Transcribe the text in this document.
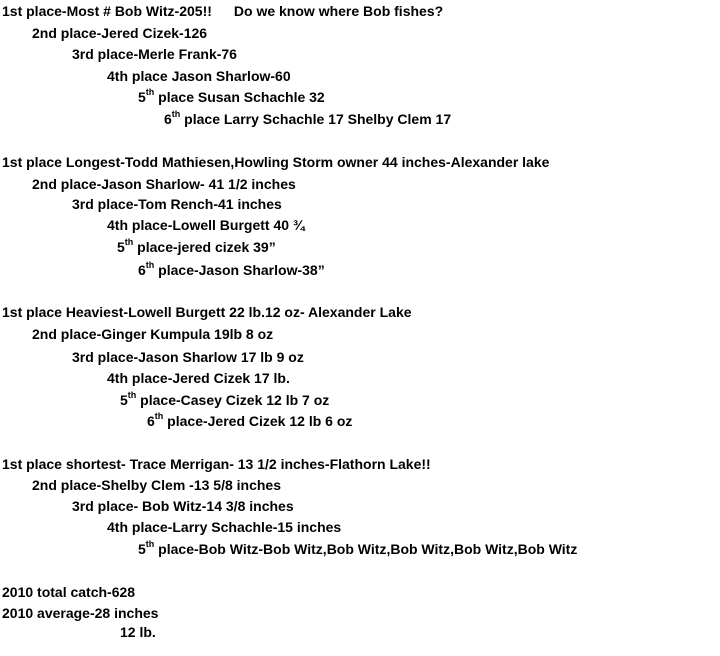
1st place-Most # Bob Witz-205!! Do we know where Bob fishes?
2nd place-Jered Cizek-126
3rd place-Merle Frank-76
4th place Jason Sharlow-60
5th place Susan Schachle 32
6th place Larry Schachle 17 Shelby Clem 17
1st place Longest-Todd Mathiesen,Howling Storm owner 44 inches-Alexander lake
2nd place-Jason Sharlow- 41 1/2 inches
3rd place-Tom Rench-41 inches
4th place-Lowell Burgett 40 ¾
5th place-jered cizek 39”
6th place-Jason Sharlow-38”
1st place Heaviest-Lowell Burgett 22 lb.12 oz- Alexander Lake
2nd place-Ginger Kumpula 19lb 8 oz
3rd place-Jason Sharlow 17 lb 9 oz
4th place-Jered Cizek 17 lb.
5th place-Casey Cizek 12 lb 7 oz
6th place-Jered Cizek 12 lb 6 oz
1st place shortest- Trace Merrigan- 13 1/2 inches-Flathorn Lake!!
2nd place-Shelby Clem -13 5/8 inches
3rd place- Bob Witz-14 3/8 inches
4th place-Larry Schachle-15 inches
5th place-Bob Witz-Bob Witz,Bob Witz,Bob Witz,Bob Witz,Bob Witz
2010 total catch-628
2010 average-28 inches
12 lb.
